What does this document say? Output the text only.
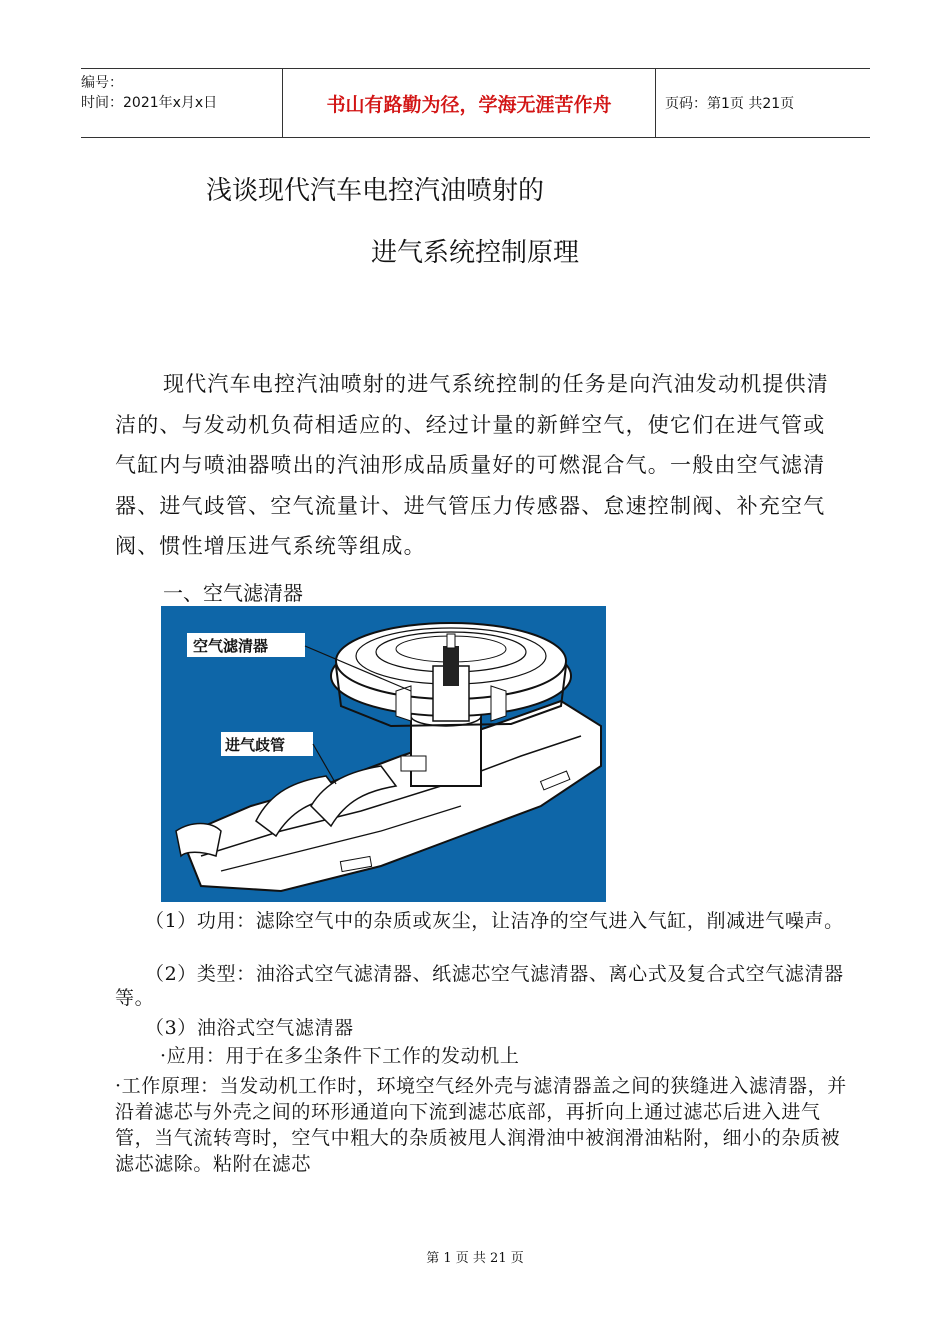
编号：
时间：2021年x月x日	书山有路勤为径，学海无涯苦作舟	页码：第1页 共21页
浅谈现代汽车电控汽油喷射的
进气系统控制原理
现代汽车电控汽油喷射的进气系统控制的任务是向汽油发动机提供清洁的、与发动机负荷相适应的、经过计量的新鲜空气，使它们在进气管或气缸内与喷油器喷出的汽油形成品质量好的可燃混合气。一般由空气滤清器、进气歧管、空气流量计、进气管压力传感器、怠速控制阀、补充空气阀、惯性增压进气系统等组成。
一、空气滤清器
空气滤清器
进气歧管
（1）功用：滤除空气中的杂质或灰尘，让洁净的空气进入气缸，削减进气噪声。
（2）类型：油浴式空气滤清器、纸滤芯空气滤清器、离心式及复合式空气滤清器等。
（3）油浴式空气滤清器
·应用：用于在多尘条件下工作的发动机上
·工作原理：当发动机工作时，环境空气经外壳与滤清器盖之间的狭缝进入滤清器，并沿着滤芯与外壳之间的环形通道向下流到滤芯底部，再折向上通过滤芯后进入进气管，当气流转弯时，空气中粗大的杂质被甩人润滑油中被润滑油粘附，细小的杂质被滤芯滤除。粘附在滤芯
第 1 页 共 21 页
